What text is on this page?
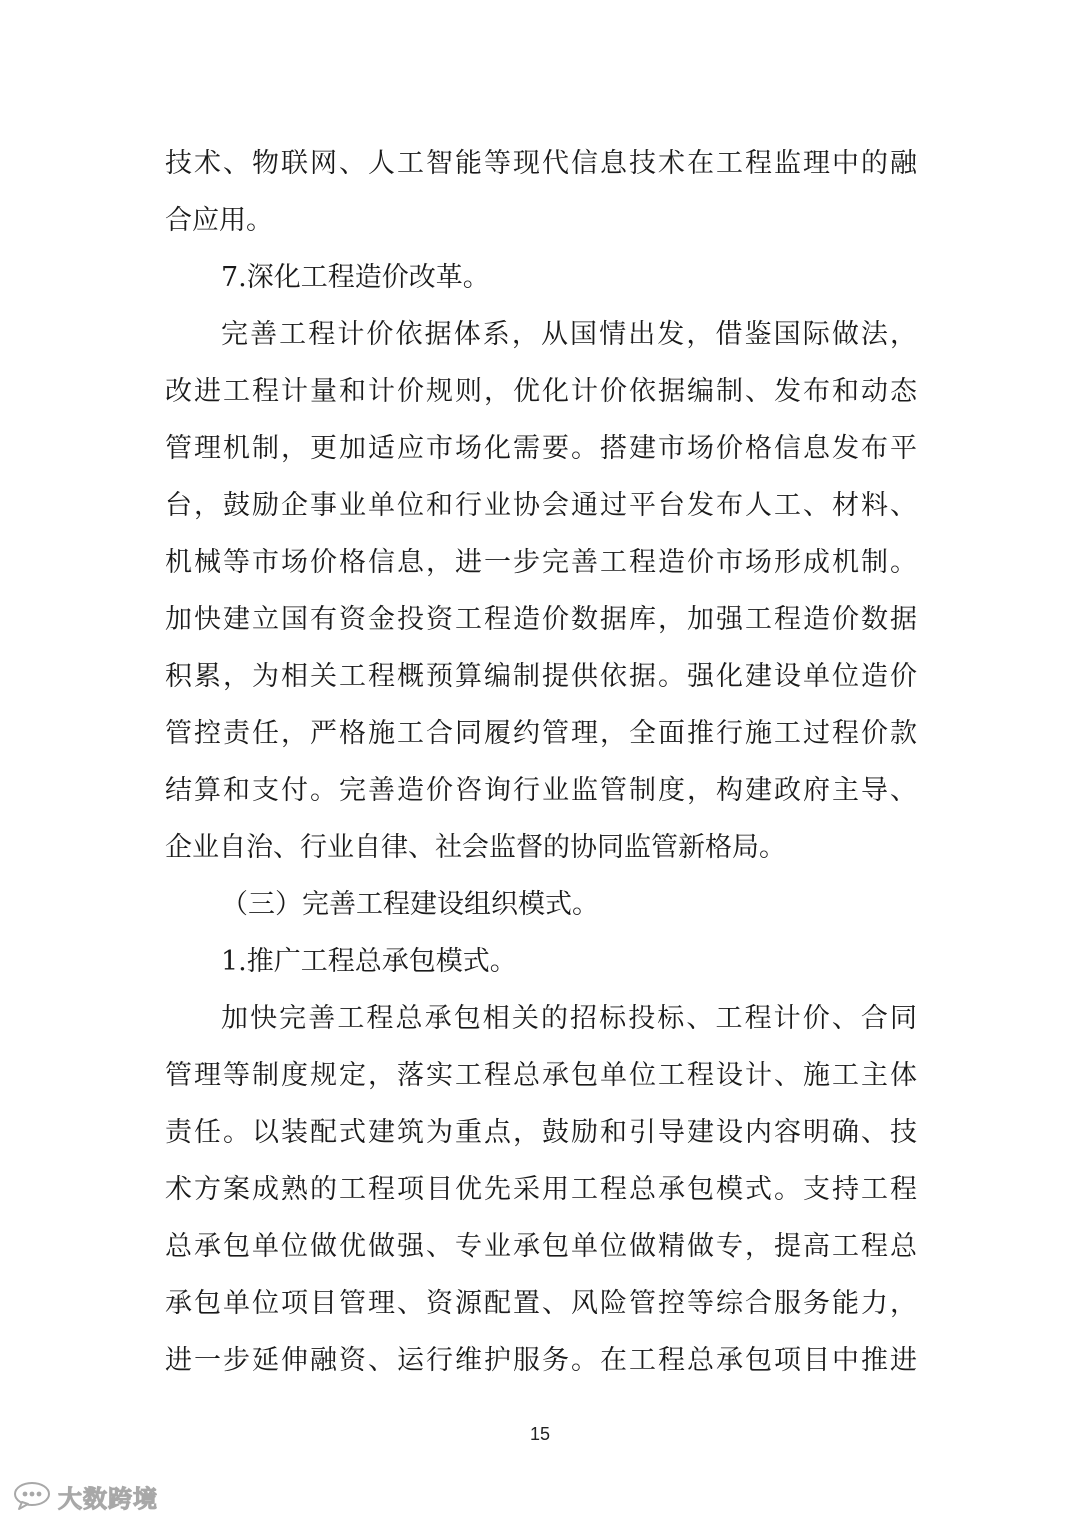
技术、物联网、人工智能等现代信息技术在工程监理中的融
合应用。
7.深化工程造价改革。
完善工程计价依据体系，从国情出发，借鉴国际做法，
改进工程计量和计价规则，优化计价依据编制、发布和动态
管理机制，更加适应市场化需要。搭建市场价格信息发布平
台，鼓励企事业单位和行业协会通过平台发布人工、材料、
机械等市场价格信息，进一步完善工程造价市场形成机制。
加快建立国有资金投资工程造价数据库，加强工程造价数据
积累，为相关工程概预算编制提供依据。强化建设单位造价
管控责任，严格施工合同履约管理，全面推行施工过程价款
结算和支付。完善造价咨询行业监管制度，构建政府主导、
企业自治、行业自律、社会监督的协同监管新格局。
（三）完善工程建设组织模式。
1.推广工程总承包模式。
加快完善工程总承包相关的招标投标、工程计价、合同
管理等制度规定，落实工程总承包单位工程设计、施工主体
责任。以装配式建筑为重点，鼓励和引导建设内容明确、技
术方案成熟的工程项目优先采用工程总承包模式。支持工程
总承包单位做优做强、专业承包单位做精做专，提高工程总
承包单位项目管理、资源配置、风险管控等综合服务能力，
进一步延伸融资、运行维护服务。在工程总承包项目中推进
15
大数跨境
